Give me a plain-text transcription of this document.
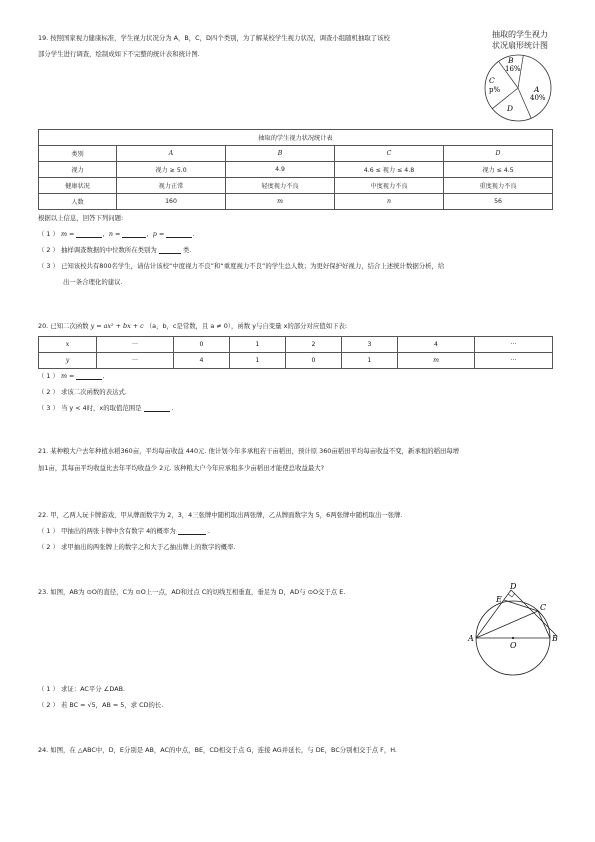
19. 按照国家视力健康标准，学生视力状况分为 A，B，C，D四个类别，为了解某校学生视力状况，调查小组随机抽取了该校
部分学生进行调查，绘制成如下不完整的统计表和统计图.
抽取的学生视力
状况扇形统计图
B
16%
C
p%	A
40%
D
抽取的学生视力状况统计表				
类别	A	B	C	D
视力	视力 ≥ 5.0	4.9	4.6 ≤ 视力 ≤ 4.8	视力 ≤ 4.5
健康状况	视力正常	轻度视力不良	中度视力不良	重度视力不良
人数	160	m	n	56
根据以上信息，回答下列问题:
（ 1 ） m =	，n =	，p =	.
（ 2 ） 抽样调查数据的中位数所在类别为	类.
（ 3 ） 已知该校共有800名学生，请估计该校“中度视力不良”和“重度视力不良”的学生总人数；为更好保护好视力，结合上述统计数据分析，给
出一条合理化的建议.
20. 已知二次函数 y = ax² + bx + c （a，b，c是常数，且 a ≠ 0），函数 y与自变量 x的部分对应值如下表:
x	···	0	1	2	3	4	···
y	···	4	1	0	1	m	···
（ 1 ） m =	.
（ 2 ） 求该二次函数的表达式.
（ 3 ） 当 y < 4时，x的取值范围是	.
21. 某种粮大户去年种植水稻360亩，平均每亩收益 440元. 他计划今年多承租若干亩稻田，预计原 360亩稻田平均每亩收益不变，新承租的稻田每增
加1亩，其每亩平均收益比去年平均收益少 2元. 该种粮大户今年应承租多少亩稻田才能使总收益最大?
22. 甲，乙两人玩卡牌游戏，甲从牌面数字为 2，3，4三张牌中随机取出两张牌，乙从牌面数字为 5，6两张牌中随机取出一张牌.
（ 1 ） 甲抽出的两张卡牌中含有数字 4的概率为	.
（ 2 ） 求甲抽出的两张牌上的数字之和大于乙抽出牌上的数字的概率.
23. 如图，AB为 ⊙O的直径，C为 ⊙O上一点，AD和过点 C的切线互相垂直，垂足为 D，AD与 ⊙O交于点 E.
D
E
C
A	B
O
（ 1 ） 求证：AC平分 ∠DAB.
（ 2 ） 若 BC = √5，AB = 5，求 CD的长.
24. 如图，在 △ABC中，D，E分别是 AB，AC的中点，BE，CD相交于点 G，连接 AG并延长，与 DE，BC分别相交于点 F，H.
